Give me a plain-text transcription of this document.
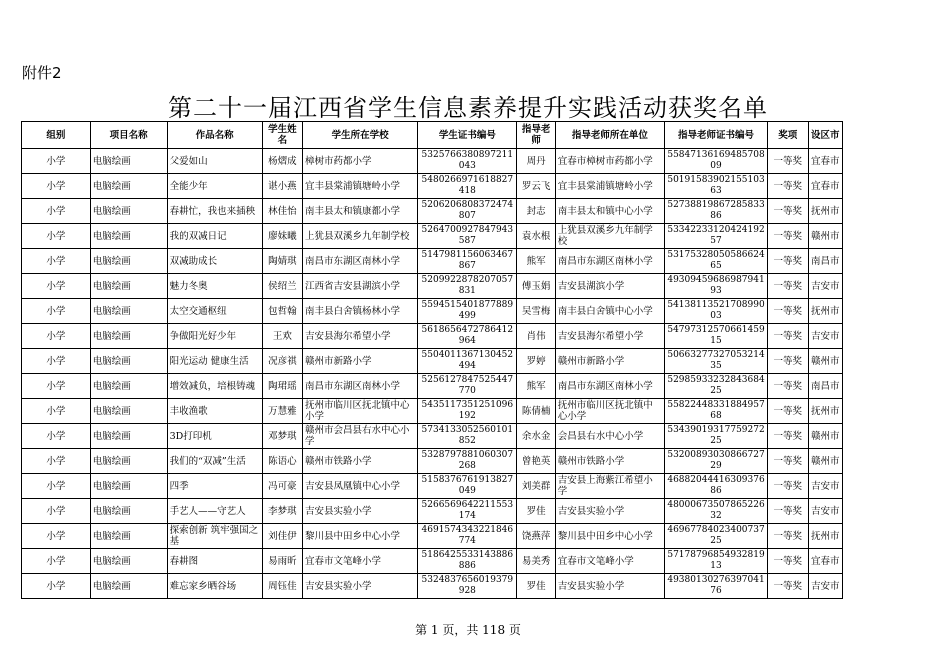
附件2
第二十一届江西省学生信息素养提升实践活动获奖名单
组别	项目名称	作品名称	学生姓名	学生所在学校	学生证书编号	指导老师	指导老师所在单位	指导老师证书编号	奖项	设区市
小学	电脑绘画	父爱如山	杨熠成	樟树市药都小学	5325766380897211043	周丹	宜春市樟树市药都小学	5584713616948570809	一等奖	宜春市
小学	电脑绘画	全能少年	谌小燕	宜丰县棠浦镇塘岭小学	5480266971618827418	罗云飞	宜丰县棠浦镇塘岭小学	5019158390215510363	一等奖	宜春市
小学	电脑绘画	春耕忙，我也来插秧	林佳怡	南丰县太和镇康都小学	5206206808372474807	封志	南丰县太和镇中心小学	5273881986728583386	一等奖	抚州市
小学	电脑绘画	我的双减日记	廖妹曦	上犹县双溪乡九年制学校	5264700927847943587	袁水根	上犹县双溪乡九年制学校	5334223312042419257	一等奖	赣州市
小学	电脑绘画	双减助成长	陶婧琪	南昌市东湖区南林小学	5147981156063467867	熊军	南昌市东湖区南林小学	5317532805058662465	一等奖	南昌市
小学	电脑绘画	魅力冬奥	侯绍兰	江西省吉安县湖滨小学	5209922878207057831	傅玉娟	吉安县湖滨小学	4930945968698794193	一等奖	吉安市
小学	电脑绘画	太空交通枢纽	包哲翰	南丰县白舍镇杨林小学	5594515401877889499	吴雪梅	南丰县白舍镇中心小学	5413811352170899003	一等奖	抚州市
小学	电脑绘画	争做阳光好少年	王欢	吉安县海尔希望小学	5618656472786412964	肖伟	吉安县海尔希望小学	5479731257066145915	一等奖	吉安市
小学	电脑绘画	阳光运动 健康生活	况彦祺	赣州市新路小学	5504011367130452494	罗婷	赣州市新路小学	5066327732705321435	一等奖	赣州市
小学	电脑绘画	增效减负，培根铸魂	陶珺瑶	南昌市东湖区南林小学	5256127847525447770	熊军	南昌市东湖区南林小学	5298593323284368425	一等奖	南昌市
小学	电脑绘画	丰收渔歌	万慧雅	抚州市临川区抚北镇中心小学	5435117351251096192	陈倩楠	抚州市临川区抚北镇中心小学	5582244833188495768	一等奖	抚州市
小学	电脑绘画	3D打印机	邓梦琪	赣州市会昌县右水中心小学	5734133052560101852	余水金	会昌县右水中心小学	5343901931775927225	一等奖	赣州市
小学	电脑绘画	我们的“双减”生活	陈语心	赣州市铁路小学	5328797881060307268	曾艳英	赣州市铁路小学	5320089303086672729	一等奖	赣州市
小学	电脑绘画	四季	冯可豪	吉安县凤凰镇中心小学	5158376761913827049	刘美群	吉安县上海紫江希望小学	4688204441630937686	一等奖	吉安市
小学	电脑绘画	手艺人——守艺人	李梦琪	吉安县实验小学	5266569642211553174	罗佳	吉安县实验小学	4800067350786522632	一等奖	吉安市
小学	电脑绘画	探索创新 筑牢强国之基	刘佳伊	黎川县中田乡中心小学	4691574343221846774	饶燕萍	黎川县中田乡中心小学	4696778402340073725	一等奖	抚州市
小学	电脑绘画	春耕图	易雨昕	宜春市文笔峰小学	5186425533143886886	易美秀	宜春市文笔峰小学	5717879685493281913	一等奖	宜春市
小学	电脑绘画	难忘家乡晒谷场	周钰佳	吉安县实验小学	5324837656019379928	罗佳	吉安县实验小学	4938013027639704176	一等奖	吉安市
第 1 页，共 118 页
